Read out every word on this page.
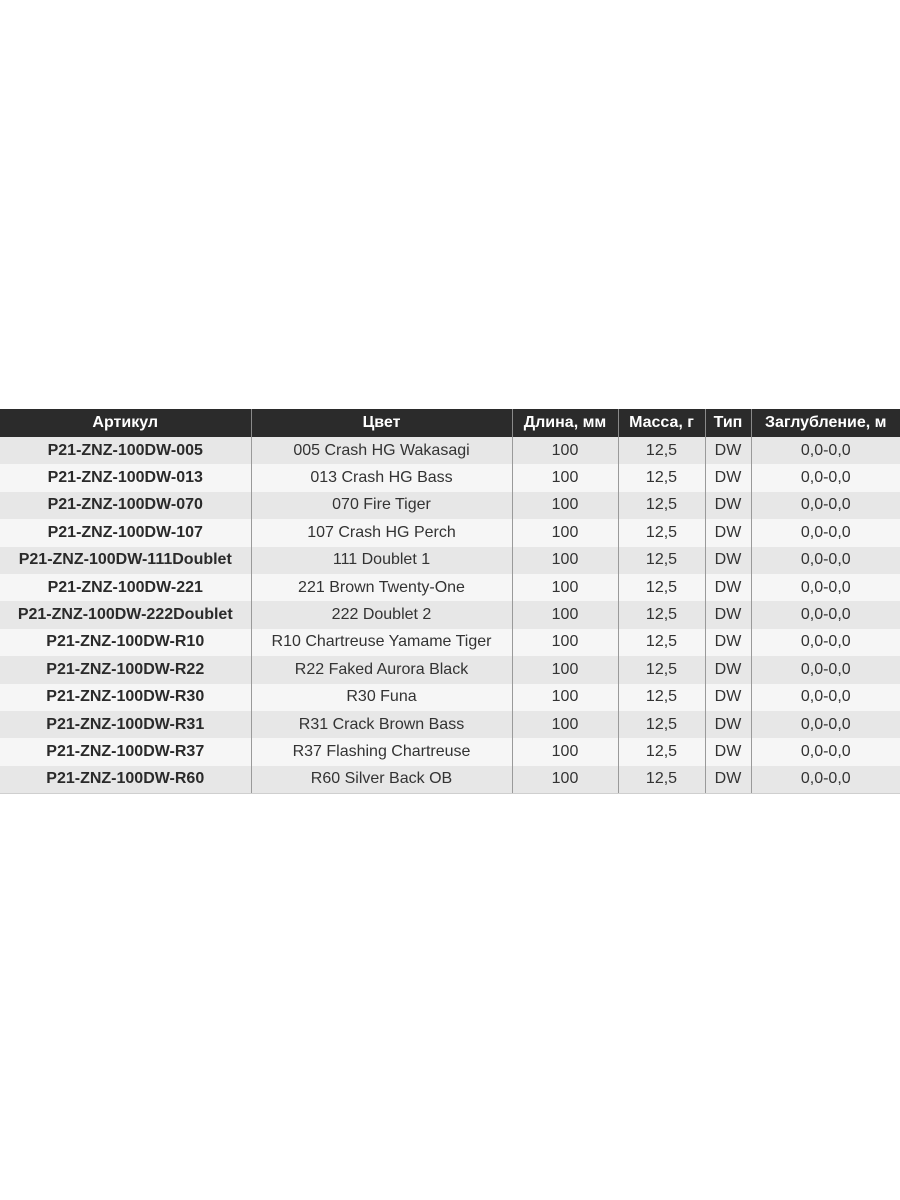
Артикул	Цвет	Длина, мм	Масса, г	Тип	Заглубление, м
P21-ZNZ-100DW-005	005 Crash HG Wakasagi	100	12,5	DW	0,0-0,0
P21-ZNZ-100DW-013	013 Crash HG Bass	100	12,5	DW	0,0-0,0
P21-ZNZ-100DW-070	070 Fire Tiger	100	12,5	DW	0,0-0,0
P21-ZNZ-100DW-107	107 Crash HG Perch	100	12,5	DW	0,0-0,0
P21-ZNZ-100DW-111Doublet	111 Doublet 1	100	12,5	DW	0,0-0,0
P21-ZNZ-100DW-221	221 Brown Twenty-One	100	12,5	DW	0,0-0,0
P21-ZNZ-100DW-222Doublet	222 Doublet 2	100	12,5	DW	0,0-0,0
P21-ZNZ-100DW-R10	R10 Chartreuse Yamame Tiger	100	12,5	DW	0,0-0,0
P21-ZNZ-100DW-R22	R22 Faked Aurora Black	100	12,5	DW	0,0-0,0
P21-ZNZ-100DW-R30	R30 Funa	100	12,5	DW	0,0-0,0
P21-ZNZ-100DW-R31	R31 Crack Brown Bass	100	12,5	DW	0,0-0,0
P21-ZNZ-100DW-R37	R37 Flashing Chartreuse	100	12,5	DW	0,0-0,0
P21-ZNZ-100DW-R60	R60 Silver Back OB	100	12,5	DW	0,0-0,0
